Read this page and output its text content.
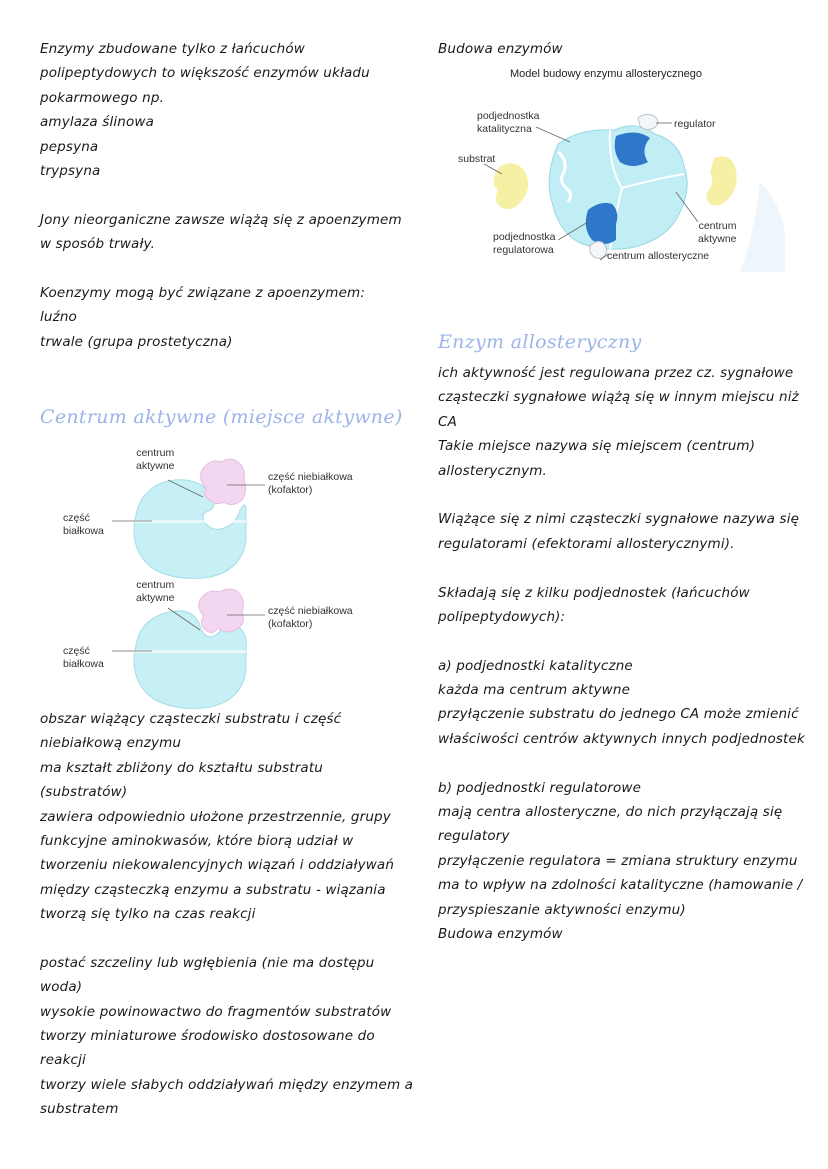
Enzymy zbudowane tylko z łańcuchów
polipeptydowych to większość enzymów układu
pokarmowego np.
amylaza ślinowa
pepsyna
trypsyna
Jony nieorganiczne zawsze wiążą się z apoenzymem
w sposób trwały.
Koenzymy mogą być związane z apoenzymem:
luźno
trwale (grupa prostetyczna)
Centrum aktywne (miejsce aktywne)
centrum
aktywne
część niebiałkowa
(kofaktor)
część
białkowa
centrum
aktywne
część niebiałkowa
(kofaktor)
część
białkowa
obszar wiążący cząsteczki substratu i część
niebiałkową enzymu
ma kształt zbliżony do kształtu substratu
(substratów)
zawiera odpowiednio ułożone przestrzennie, grupy
funkcyjne aminokwasów, które biorą udział w
tworzeniu niekowalencyjnych wiązań i oddziaływań
między cząsteczką enzymu a substratu - wiązania
tworzą się tylko na czas reakcji
postać szczeliny lub wgłębienia (nie ma dostępu
woda)
wysokie powinowactwo do fragmentów substratów
tworzy miniaturowe środowisko dostosowane do
reakcji
tworzy wiele słabych oddziaływań między enzymem a
substratem
Budowa enzymów
Model budowy enzymu allosterycznego
podjednostka
katalityczna	regulator
substrat
centrum
aktywne
podjednostka
regulatorowa	centrum allosteryczne
Enzym allosteryczny
ich aktywność jest regulowana przez cz. sygnałowe
cząsteczki sygnałowe wiążą się w innym miejscu niż
CA
Takie miejsce nazywa się miejscem (centrum)
allosterycznym.
Wiążące się z nimi cząsteczki sygnałowe nazywa się
regulatorami (efektorami allosterycznymi).
Składają się z kilku podjednostek (łańcuchów
polipeptydowych):
a) podjednostki katalityczne
każda ma centrum aktywne
przyłączenie substratu do jednego CA może zmienić
właściwości centrów aktywnych innych podjednostek
b) podjednostki regulatorowe
mają centra allosteryczne, do nich przyłączają się
regulatory
przyłączenie regulatora = zmiana struktury enzymu
ma to wpływ na zdolności katalityczne (hamowanie /
przyspieszanie aktywności enzymu)
Budowa enzymów
